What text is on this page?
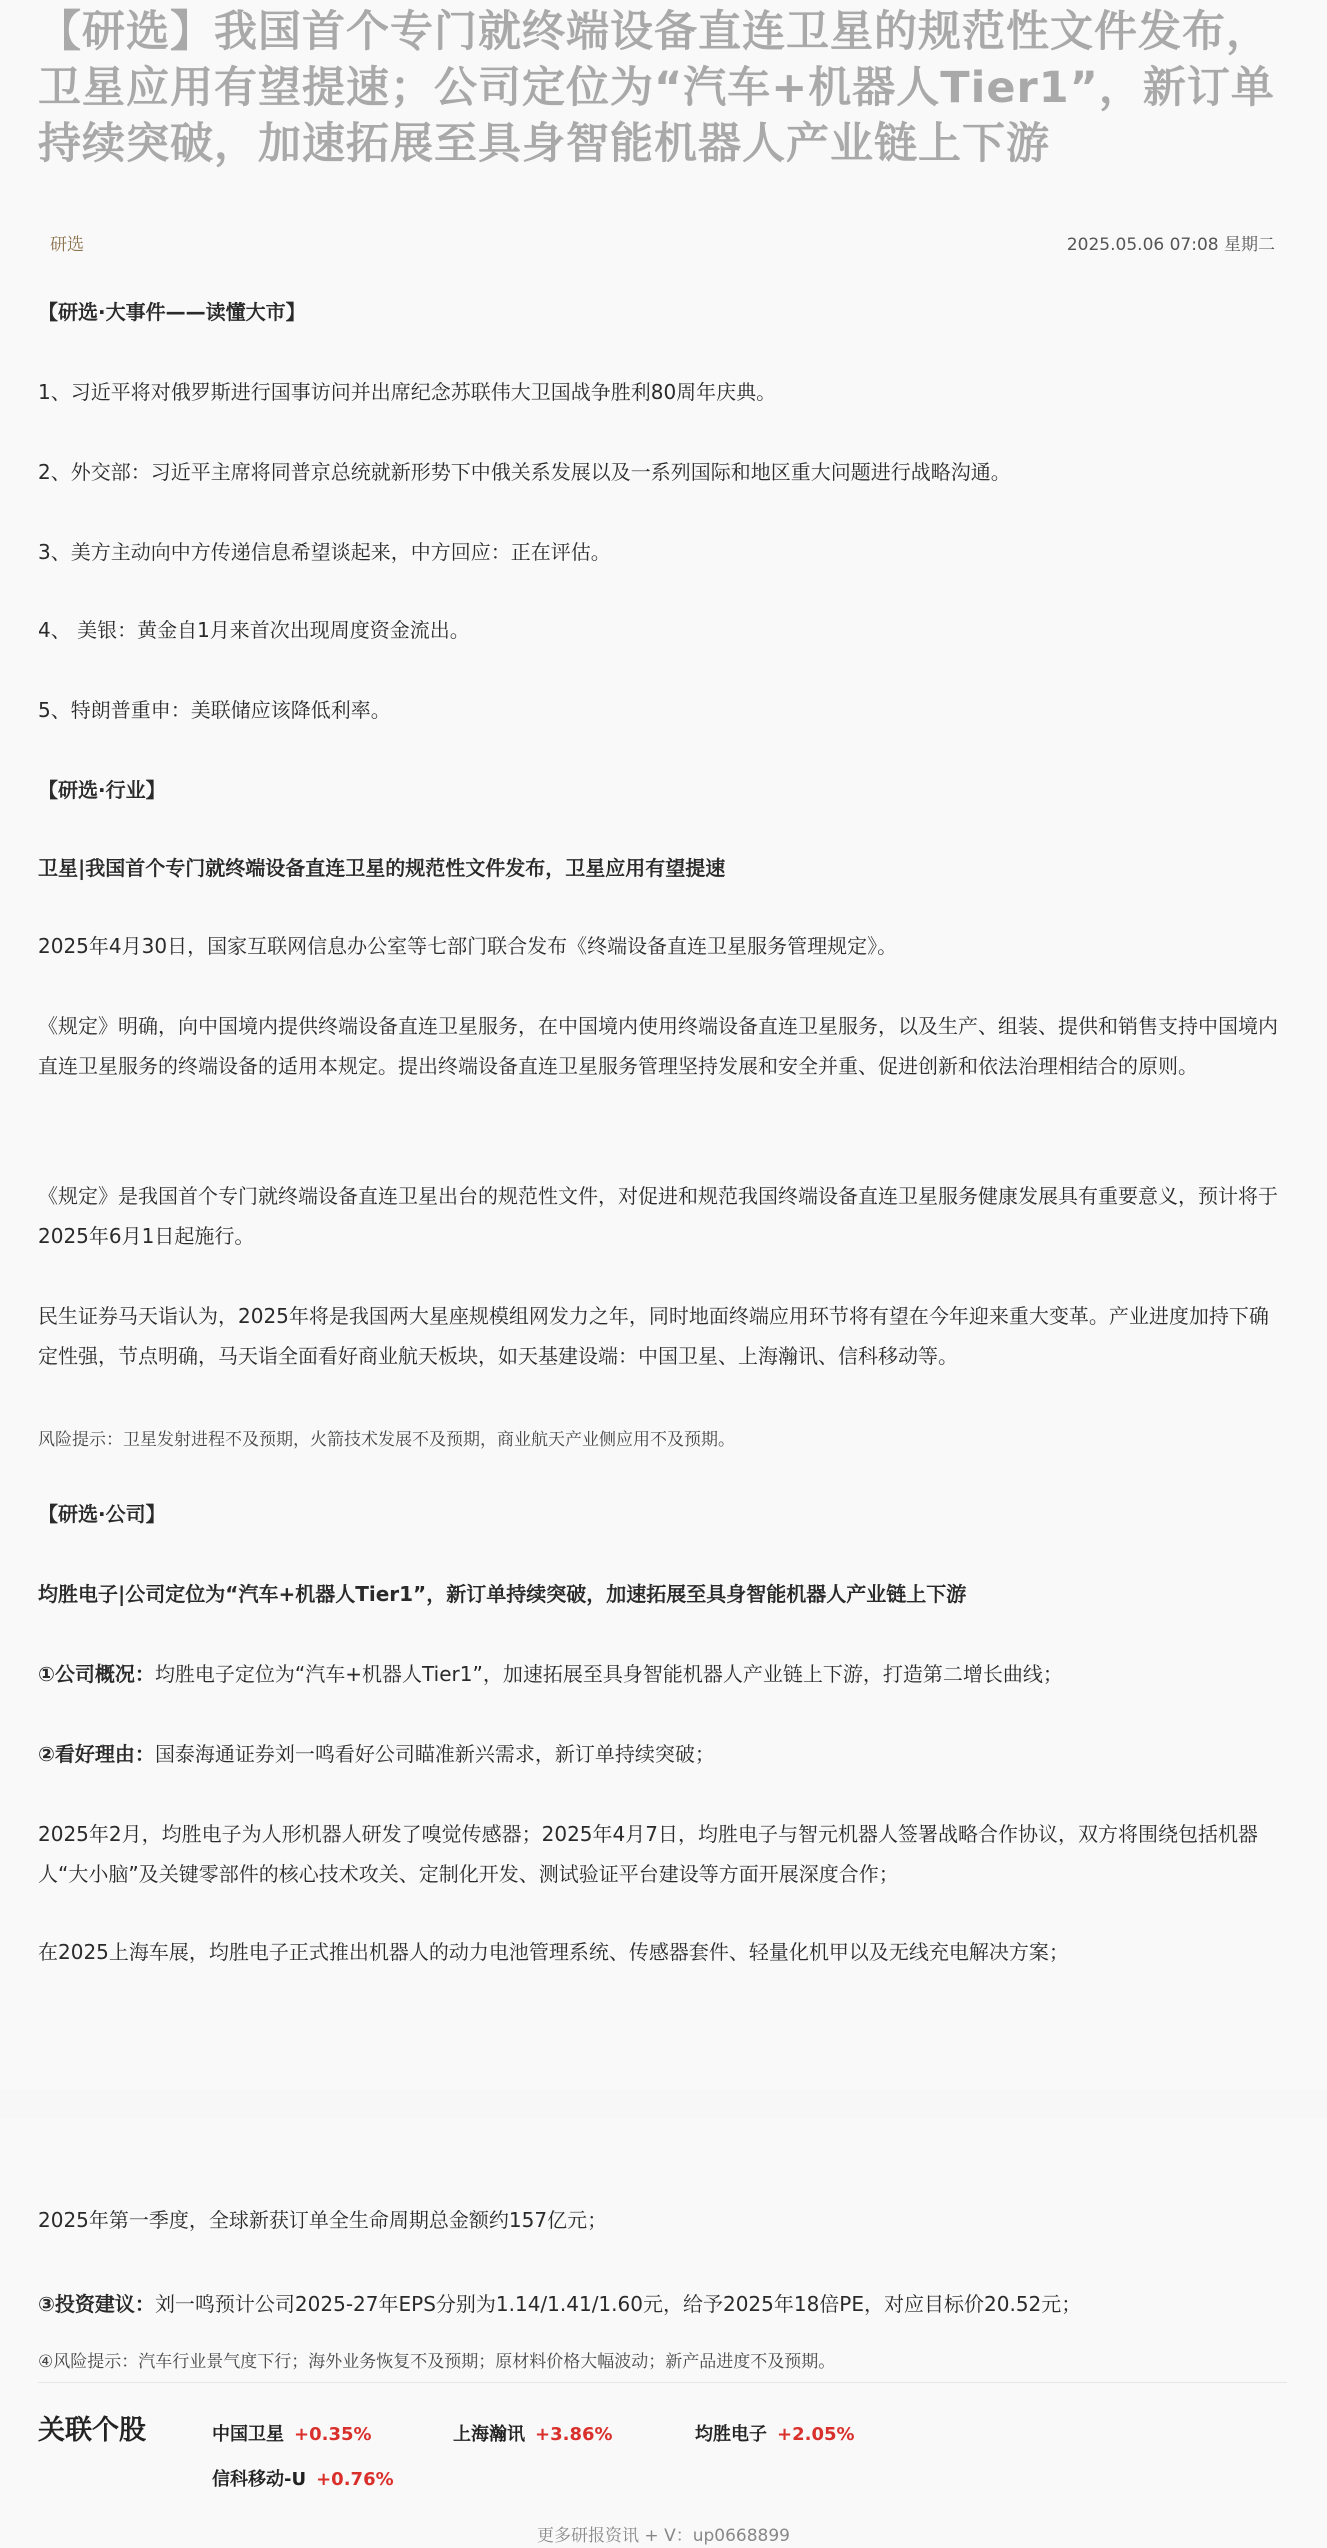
【研选】我国首个专门就终端设备直连卫星的规范性文件发布，卫星应用有望提速；公司定位为“汽车+机器人Tier1”，新订单持续突破，加速拓展至具身智能机器人产业链上下游
研选	2025.05.06 07:08 星期二

【研选·大事件——读懂大市】

1、习近平将对俄罗斯进行国事访问并出席纪念苏联伟大卫国战争胜利80周年庆典。

2、外交部：习近平主席将同普京总统就新形势下中俄关系发展以及一系列国际和地区重大问题进行战略沟通。

3、美方主动向中方传递信息希望谈起来，中方回应：正在评估。

4、 美银：黄金自1月来首次出现周度资金流出。

5、特朗普重申：美联储应该降低利率。

【研选·行业】

卫星|我国首个专门就终端设备直连卫星的规范性文件发布，卫星应用有望提速

2025年4月30日，国家互联网信息办公室等七部门联合发布《终端设备直连卫星服务管理规定》。

《规定》明确，向中国境内提供终端设备直连卫星服务，在中国境内使用终端设备直连卫星服务，以及生产、组装、提供和销售支持中国境内直连卫星服务的终端设备的适用本规定。提出终端设备直连卫星服务管理坚持发展和安全并重、促进创新和依法治理相结合的原则。

《规定》是我国首个专门就终端设备直连卫星出台的规范性文件，对促进和规范我国终端设备直连卫星服务健康发展具有重要意义，预计将于2025年6月1日起施行。

民生证券马天诣认为，2025年将是我国两大星座规模组网发力之年，同时地面终端应用环节将有望在今年迎来重大变革。产业进度加持下确定性强，节点明确，马天诣全面看好商业航天板块，如天基建设端：中国卫星、上海瀚讯、信科移动等。

风险提示：卫星发射进程不及预期，火箭技术发展不及预期，商业航天产业侧应用不及预期。

【研选·公司】

均胜电子|公司定位为“汽车+机器人Tier1”，新订单持续突破，加速拓展至具身智能机器人产业链上下游

①公司概况：均胜电子定位为“汽车+机器人Tier1”，加速拓展至具身智能机器人产业链上下游，打造第二增长曲线；

②看好理由：国泰海通证券刘一鸣看好公司瞄准新兴需求，新订单持续突破；

2025年2月，均胜电子为人形机器人研发了嗅觉传感器；2025年4月7日，均胜电子与智元机器人签署战略合作协议，双方将围绕包括机器人“大小脑”及关键零部件的核心技术攻关、定制化开发、测试验证平台建设等方面开展深度合作；

在2025上海车展，均胜电子正式推出机器人的动力电池管理系统、传感器套件、轻量化机甲以及无线充电解决方案；

2025年第一季度，全球新获订单全生命周期总金额约157亿元；

③投资建议：刘一鸣预计公司2025-27年EPS分别为1.14/1.41/1.60元，给予2025年18倍PE，对应目标价20.52元；

④风险提示：汽车行业景气度下行；海外业务恢复不及预期；原材料价格大幅波动；新产品进度不及预期。

关联个股	中国卫星 +0.35%	上海瀚讯 +3.86%	均胜电子 +2.05%
信科移动-U +0.76%
更多研报资讯 + V：up0668899
